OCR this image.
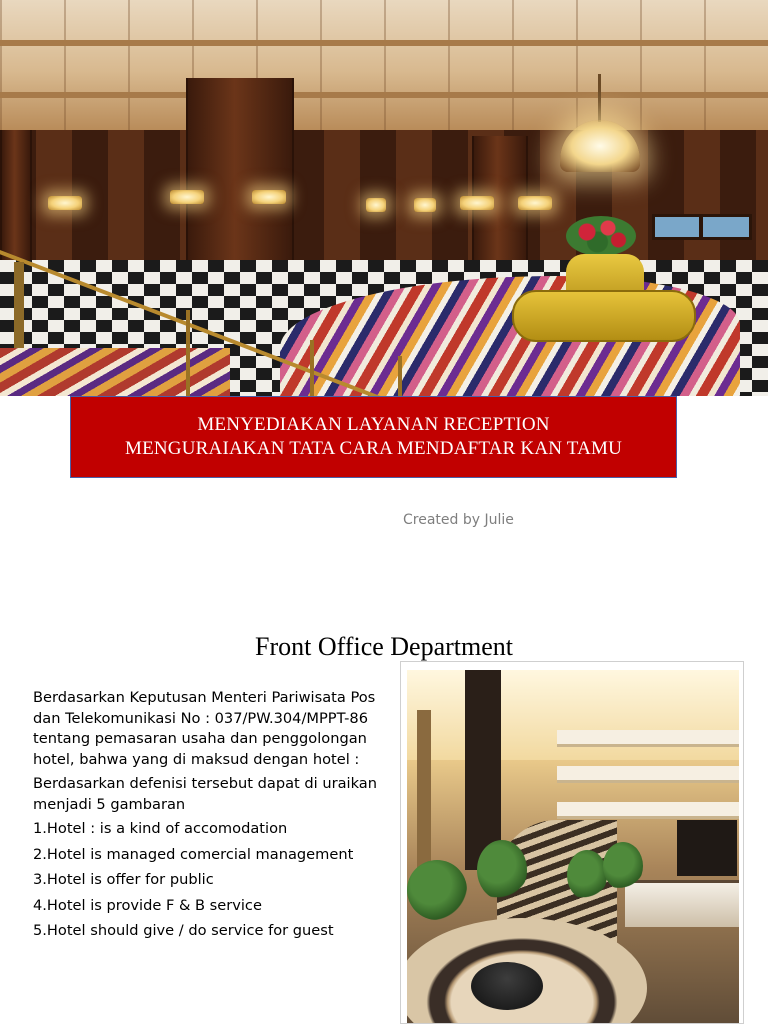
MENYEDIAKAN LAYANAN RECEPTION
MENGURAIAKAN TATA CARA MENDAFTAR KAN TAMU
Created by Julie
Front Office Department

Berdasarkan Keputusan Menteri Pariwisata Pos dan Telekomunikasi No : 037/PW.304/MPPT-86 tentang pemasaran usaha dan penggolongan hotel, bahwa yang di maksud dengan hotel :

Berdasarkan defenisi tersebut dapat di uraikan menjadi 5 gambaran

1.Hotel : is a kind of accomodation
2.Hotel is managed comercial management
3.Hotel is offer for public
4.Hotel is provide F & B service
5.Hotel should give / do service for guest
